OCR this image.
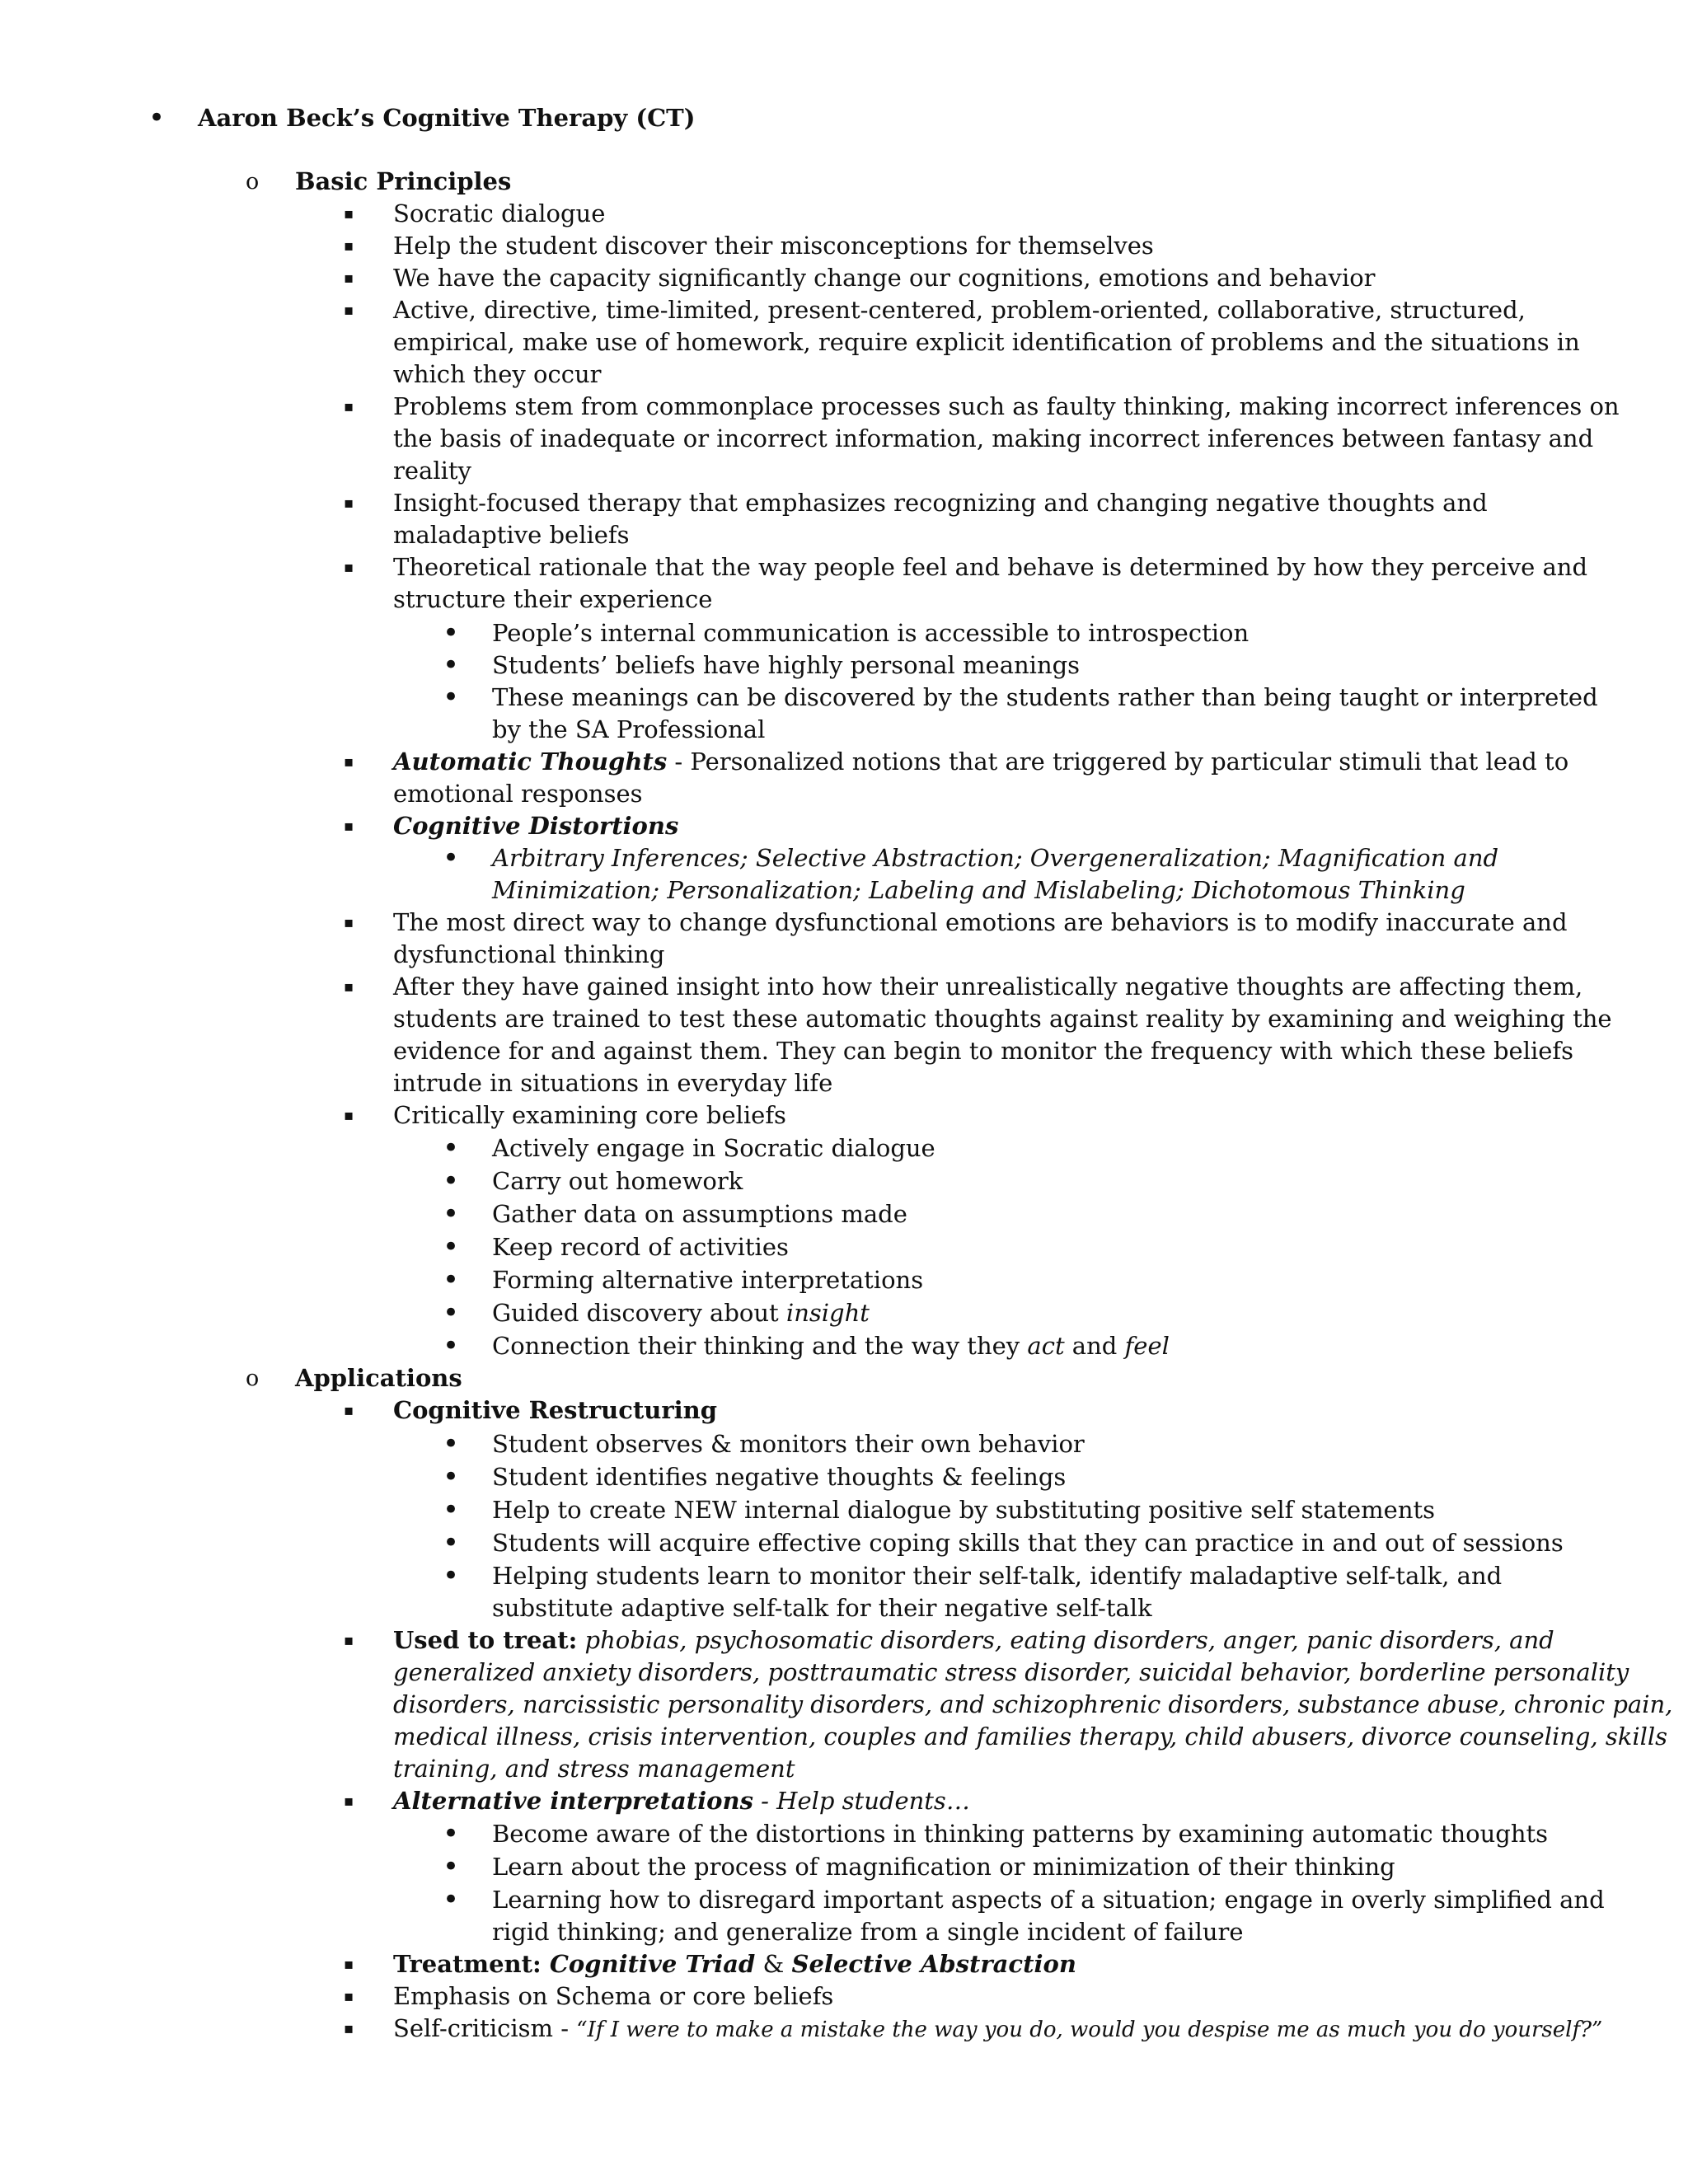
• Aaron Beck’s Cognitive Therapy (CT)
o Basic Principles
▪ Socratic dialogue
▪ Help the student discover their misconceptions for themselves
▪ We have the capacity significantly change our cognitions, emotions and behavior
▪ Active, directive, time-limited, present-centered, problem-oriented, collaborative, structured,
empirical, make use of homework, require explicit identification of problems and the situations in
which they occur
▪ Problems stem from commonplace processes such as faulty thinking, making incorrect inferences on
the basis of inadequate or incorrect information, making incorrect inferences between fantasy and
reality
▪ Insight-focused therapy that emphasizes recognizing and changing negative thoughts and
maladaptive beliefs
▪ Theoretical rationale that the way people feel and behave is determined by how they perceive and
structure their experience
• People’s internal communication is accessible to introspection
• Students’ beliefs have highly personal meanings
• These meanings can be discovered by the students rather than being taught or interpreted
by the SA Professional
▪ Automatic Thoughts - Personalized notions that are triggered by particular stimuli that lead to
emotional responses
▪ Cognitive Distortions
• Arbitrary Inferences; Selective Abstraction; Overgeneralization; Magnification and
Minimization; Personalization; Labeling and Mislabeling; Dichotomous Thinking
▪ The most direct way to change dysfunctional emotions are behaviors is to modify inaccurate and
dysfunctional thinking
▪ After they have gained insight into how their unrealistically negative thoughts are affecting them,
students are trained to test these automatic thoughts against reality by examining and weighing the
evidence for and against them. They can begin to monitor the frequency with which these beliefs
intrude in situations in everyday life
▪ Critically examining core beliefs
• Actively engage in Socratic dialogue
• Carry out homework
• Gather data on assumptions made
• Keep record of activities
• Forming alternative interpretations
• Guided discovery about insight
• Connection their thinking and the way they act and feel
o Applications
▪ Cognitive Restructuring
• Student observes & monitors their own behavior
• Student identifies negative thoughts & feelings
• Help to create NEW internal dialogue by substituting positive self statements
• Students will acquire effective coping skills that they can practice in and out of sessions
• Helping students learn to monitor their self-talk, identify maladaptive self-talk, and
substitute adaptive self-talk for their negative self-talk
▪ Used to treat: phobias, psychosomatic disorders, eating disorders, anger, panic disorders, and
generalized anxiety disorders, posttraumatic stress disorder, suicidal behavior, borderline personality
disorders, narcissistic personality disorders, and schizophrenic disorders, substance abuse, chronic pain,
medical illness, crisis intervention, couples and families therapy, child abusers, divorce counseling, skills
training, and stress management
▪ Alternative interpretations - Help students…
• Become aware of the distortions in thinking patterns by examining automatic thoughts
• Learn about the process of magnification or minimization of their thinking
• Learning how to disregard important aspects of a situation; engage in overly simplified and
rigid thinking; and generalize from a single incident of failure
▪ Treatment: Cognitive Triad & Selective Abstraction
▪ Emphasis on Schema or core beliefs
▪ Self-criticism - “If I were to make a mistake the way you do, would you despise me as much you do yourself?”
